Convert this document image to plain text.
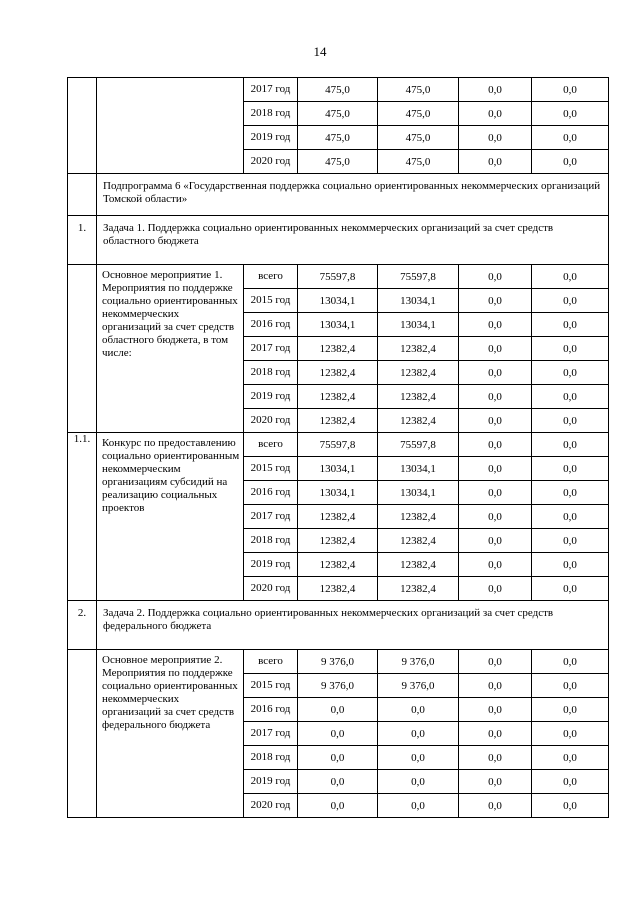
14
		2017 год	475,0	475,0	0,0	0,0
		2018 год	475,0	475,0	0,0	0,0
		2019 год	475,0	475,0	0,0	0,0
		2020 год	475,0	475,0	0,0	0,0
	Подпрограмма 6 «Государственная поддержка социально ориентированных некоммерческих организаций Томской области»					
1.	Задача 1. Поддержка социально ориентированных некоммерческих организаций за счет средств областного бюджета					
	Основное мероприятие 1. Мероприятия по поддержке социально ориентированных некоммерческих организаций за счет средств областного бюджета, в том числе:	всего	75597,8	75597,8	0,0	0,0
		2015 год	13034,1	13034,1	0,0	0,0
		2016 год	13034,1	13034,1	0,0	0,0
		2017 год	12382,4	12382,4	0,0	0,0
		2018 год	12382,4	12382,4	0,0	0,0
		2019 год	12382,4	12382,4	0,0	0,0
		2020 год	12382,4	12382,4	0,0	0,0
1.1.	Конкурс по предоставлению социально ориентированным некоммерческим организациям субсидий на реализацию социальных проектов	всего	75597,8	75597,8	0,0	0,0
		2015 год	13034,1	13034,1	0,0	0,0
		2016 год	13034,1	13034,1	0,0	0,0
		2017 год	12382,4	12382,4	0,0	0,0
		2018 год	12382,4	12382,4	0,0	0,0
		2019 год	12382,4	12382,4	0,0	0,0
		2020 год	12382,4	12382,4	0,0	0,0
2.	Задача 2. Поддержка социально ориентированных некоммерческих организаций за счет средств федерального бюджета					
	Основное мероприятие 2. Мероприятия по поддержке социально ориентированных некоммерческих организаций за счет средств федерального бюджета	всего	9 376,0	9 376,0	0,0	0,0
		2015 год	9 376,0	9 376,0	0,0	0,0
		2016 год	0,0	0,0	0,0	0,0
		2017 год	0,0	0,0	0,0	0,0
		2018 год	0,0	0,0	0,0	0,0
		2019 год	0,0	0,0	0,0	0,0
		2020 год	0,0	0,0	0,0	0,0
